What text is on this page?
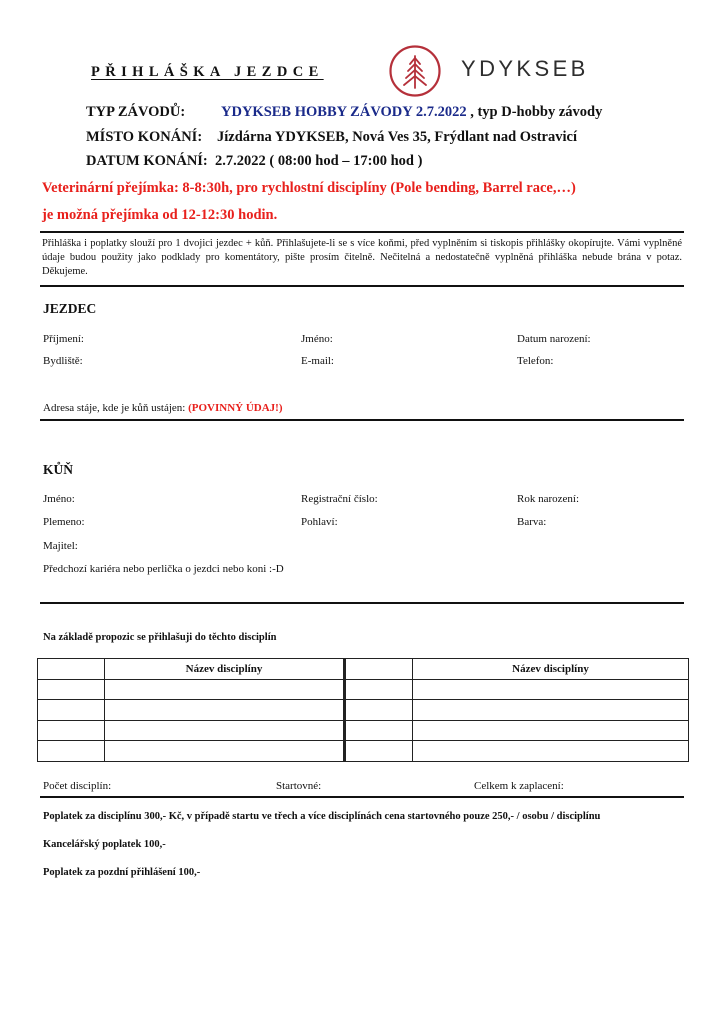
PŘIHLÁŠKA JEZDCE	YDYKSEB
TYP ZÁVODŮ: YDYKSEB HOBBY ZÁVODY 2.7.2022 , typ D-hobby závody
MÍSTO KONÁNÍ: Jízdárna YDYKSEB, Nová Ves 35, Frýdlant nad Ostravicí
DATUM KONÁNÍ: 2.7.2022 ( 08:00 hod – 17:00 hod )
Veterinární přejímka: 8-8:30h, pro rychlostní disciplíny (Pole bending, Barrel race,…)
je možná přejímka od 12-12:30 hodin.
Přihláška i poplatky slouží pro 1 dvojici jezdec + kůň. Přihlašujete-li se s více koňmi, před vyplněním si tiskopis přihlášky okopírujte. Vámi vyplněné údaje budou použity jako podklady pro komentátory, pište prosím čitelně. Nečitelná a nedostatečně vyplněná přihláška nebude brána v potaz. Děkujeme.
JEZDEC
Příjmení:	Jméno:	Datum narození:
Bydliště:	E-mail:	Telefon:
Adresa stáje, kde je kůň ustájen: (POVINNÝ ÚDAJ!)
KŮŇ
Jméno:	Registrační číslo:	Rok narození:
Plemeno:	Pohlaví:	Barva:
Majitel:
Předchozí kariéra nebo perlička o jezdci nebo koni :-D
Na základě propozic se přihlašuji do těchto disciplín
	Název disciplíny		Název disciplíny

Počet disciplín:	Startovné:	Celkem k zaplacení:
Poplatek za disciplínu 300,- Kč, v případě startu ve třech a více disciplínách cena startovného pouze 250,- / osobu / disciplínu
Kancelářský poplatek 100,-
Poplatek za pozdní přihlášení 100,-
